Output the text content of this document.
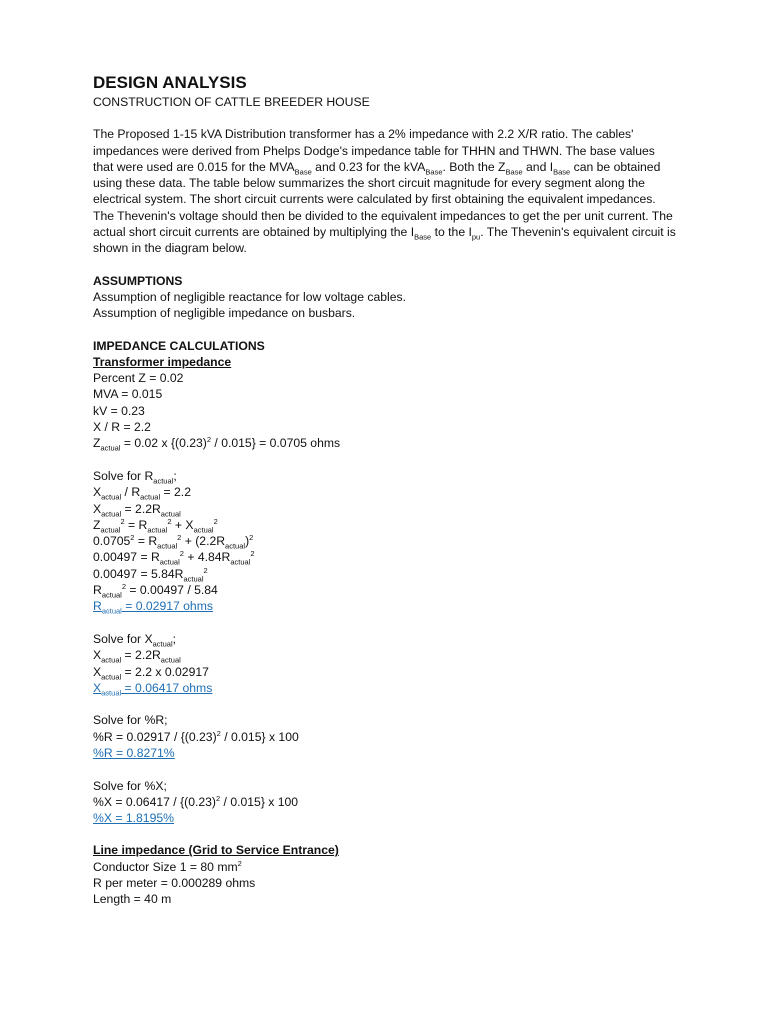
DESIGN ANALYSIS

CONSTRUCTION OF CATTLE BREEDER HOUSE

The Proposed 1-15 kVA Distribution transformer has a 2% impedance with 2.2 X/R ratio. The cables' impedances were derived from Phelps Dodge's impedance table for THHN and THWN. The base values that were used are 0.015 for the $MVA_{Base}$ and 0.23 for the kVA$_{Base}$. Both the $Z_{Base}$ and $I_{Base}$ can be obtained using these data. The table below summarizes the short circuit magnitude for every segment along the electrical system. The short circuit currents were calculated by first obtaining the equivalent impedances. The Thevenin's voltage should then be divided to the equivalent impedances to get the per unit current. The actual short circuit currents are obtained by multiplying the $I_{Base}$ to the $I_{pu}$. The Thevenin's equivalent circuit is shown in the diagram below.

ASSUMPTIONS

Assumption of negligible reactance for low voltage cables.

Assumption of negligible impedance on busbars.

IMPEDANCE CALCULATIONS

Transformer impedance

Percent Z = 0.02

MVA = 0.015

kV = 0.23

X / R = 2.2

$Z_{actual} = 0.02$ x $\{(0.23)^2 / 0.015\} = 0.0705$ ohms

Solve for $R_{actual}$;

$X_{actual} / R_{actual} = 2.2$

$X_{actual} = 2.2R_{actual}$

$Z_{actual}^2 = R_{actual}^2 + X_{actual}^2$

$0.0705^2 = R_{actual}^2 + (2.2R_{actual})^2$

$0.00497 = R_{actual}^2 + 4.84R_{actual}^2$

$0.00497 = 5.84R_{actual}^2$

$R_{actual}^2 = 0.00497 / 5.84$

$R_{actual} = 0.02917$ ohms

Solve for $X_{actual}$;

$X_{actual} = 2.2R_{actual}$

$X_{actual} = 2.2$ x 0.02917

$X_{actual} = 0.06417$ ohms

Solve for %R;

$\%R = 0.02917 / \{(0.23)^2 / 0.015\}$ x 100

%R = 0.8271%

Solve for %X;

$\%X = 0.06417 / \{(0.23)^2 / 0.015\}$ x 100

%X = 1.8195%

Line impedance (Grid to Service Entrance)

Conductor Size 1 = 80 $mm^2$

R per meter = 0.000289 ohms

Length = 40 m
